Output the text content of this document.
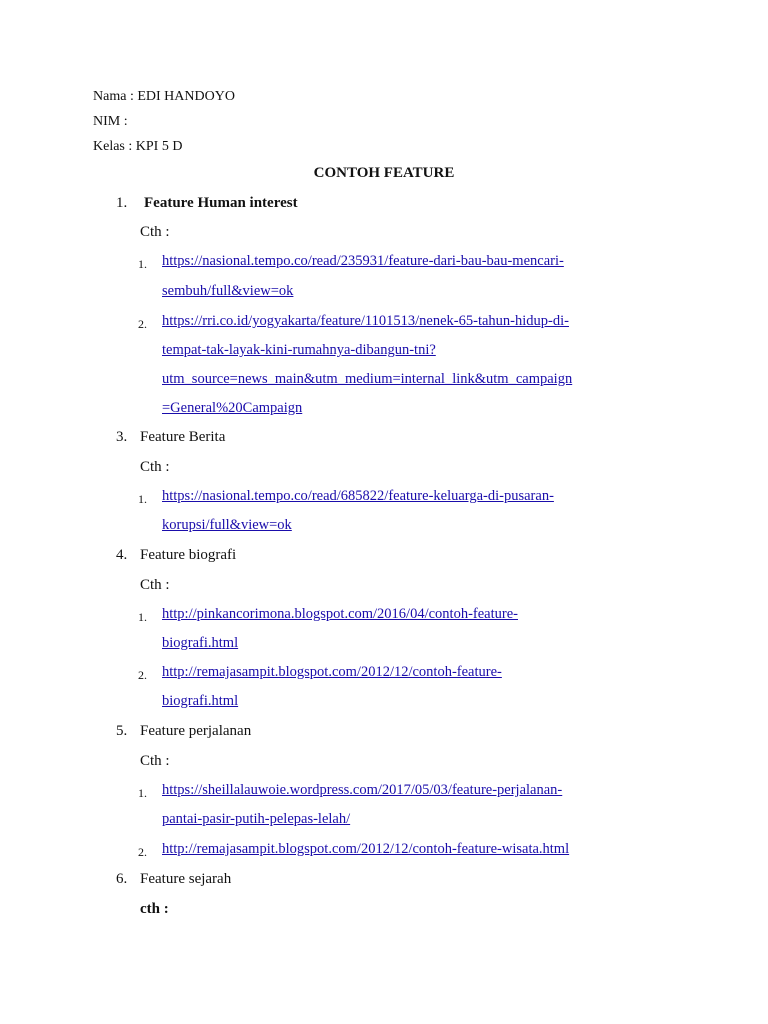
Nama : EDI HANDOYO
NIM :
Kelas : KPI 5 D
CONTOH FEATURE
1. Feature Human interest
Cth :
1. https://nasional.tempo.co/read/235931/feature-dari-bau-bau-mencari-
sembuh/full&view=ok
2. https://rri.co.id/yogyakarta/feature/1101513/nenek-65-tahun-hidup-di-
tempat-tak-layak-kini-rumahnya-dibangun-tni?
utm_source=news_main&utm_medium=internal_link&utm_campaign
=General%20Campaign
3. Feature Berita
Cth :
1. https://nasional.tempo.co/read/685822/feature-keluarga-di-pusaran-
korupsi/full&view=ok
4. Feature biografi
Cth :
1. http://pinkancorimona.blogspot.com/2016/04/contoh-feature-
biografi.html
2. http://remajasampit.blogspot.com/2012/12/contoh-feature-
biografi.html
5. Feature perjalanan
Cth :
1. https://sheillalauwoie.wordpress.com/2017/05/03/feature-perjalanan-
pantai-pasir-putih-pelepas-lelah/
2. http://remajasampit.blogspot.com/2012/12/contoh-feature-wisata.html
6. Feature sejarah
cth :
